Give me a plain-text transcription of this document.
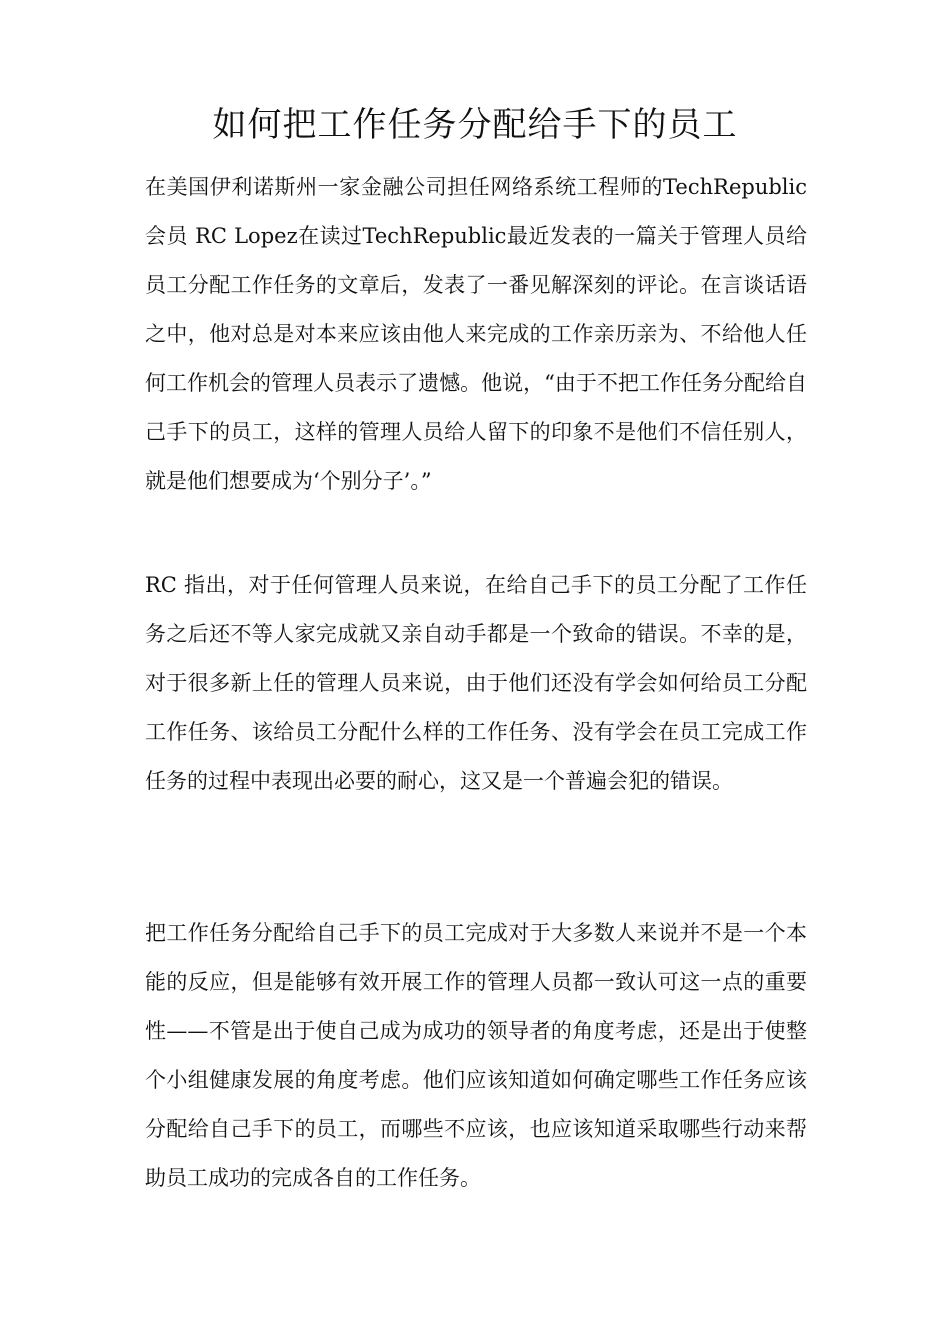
如何把工作任务分配给手下的员工

在美国伊利诺斯州一家金融公司担任网络系统工程师的TechRepublic会员 RC Lopez在读过TechRepublic最近发表的一篇关于管理人员给员工分配工作任务的文章后，发表了一番见解深刻的评论。在言谈话语之中，他对总是对本来应该由他人来完成的工作亲历亲为、不给他人任何工作机会的管理人员表示了遗憾。他说，“由于不把工作任务分配给自己手下的员工，这样的管理人员给人留下的印象不是他们不信任别人，就是他们想要成为‘个别分子’。”

RC 指出，对于任何管理人员来说，在给自己手下的员工分配了工作任务之后还不等人家完成就又亲自动手都是一个致命的错误。不幸的是，对于很多新上任的管理人员来说，由于他们还没有学会如何给员工分配工作任务、该给员工分配什么样的工作任务、没有学会在员工完成工作任务的过程中表现出必要的耐心，这又是一个普遍会犯的错误。

把工作任务分配给自己手下的员工完成对于大多数人来说并不是一个本能的反应，但是能够有效开展工作的管理人员都一致认可这一点的重要性——不管是出于使自己成为成功的领导者的角度考虑，还是出于使整个小组健康发展的角度考虑。他们应该知道如何确定哪些工作任务应该分配给自己手下的员工，而哪些不应该，也应该知道采取哪些行动来帮助员工成功的完成各自的工作任务。
